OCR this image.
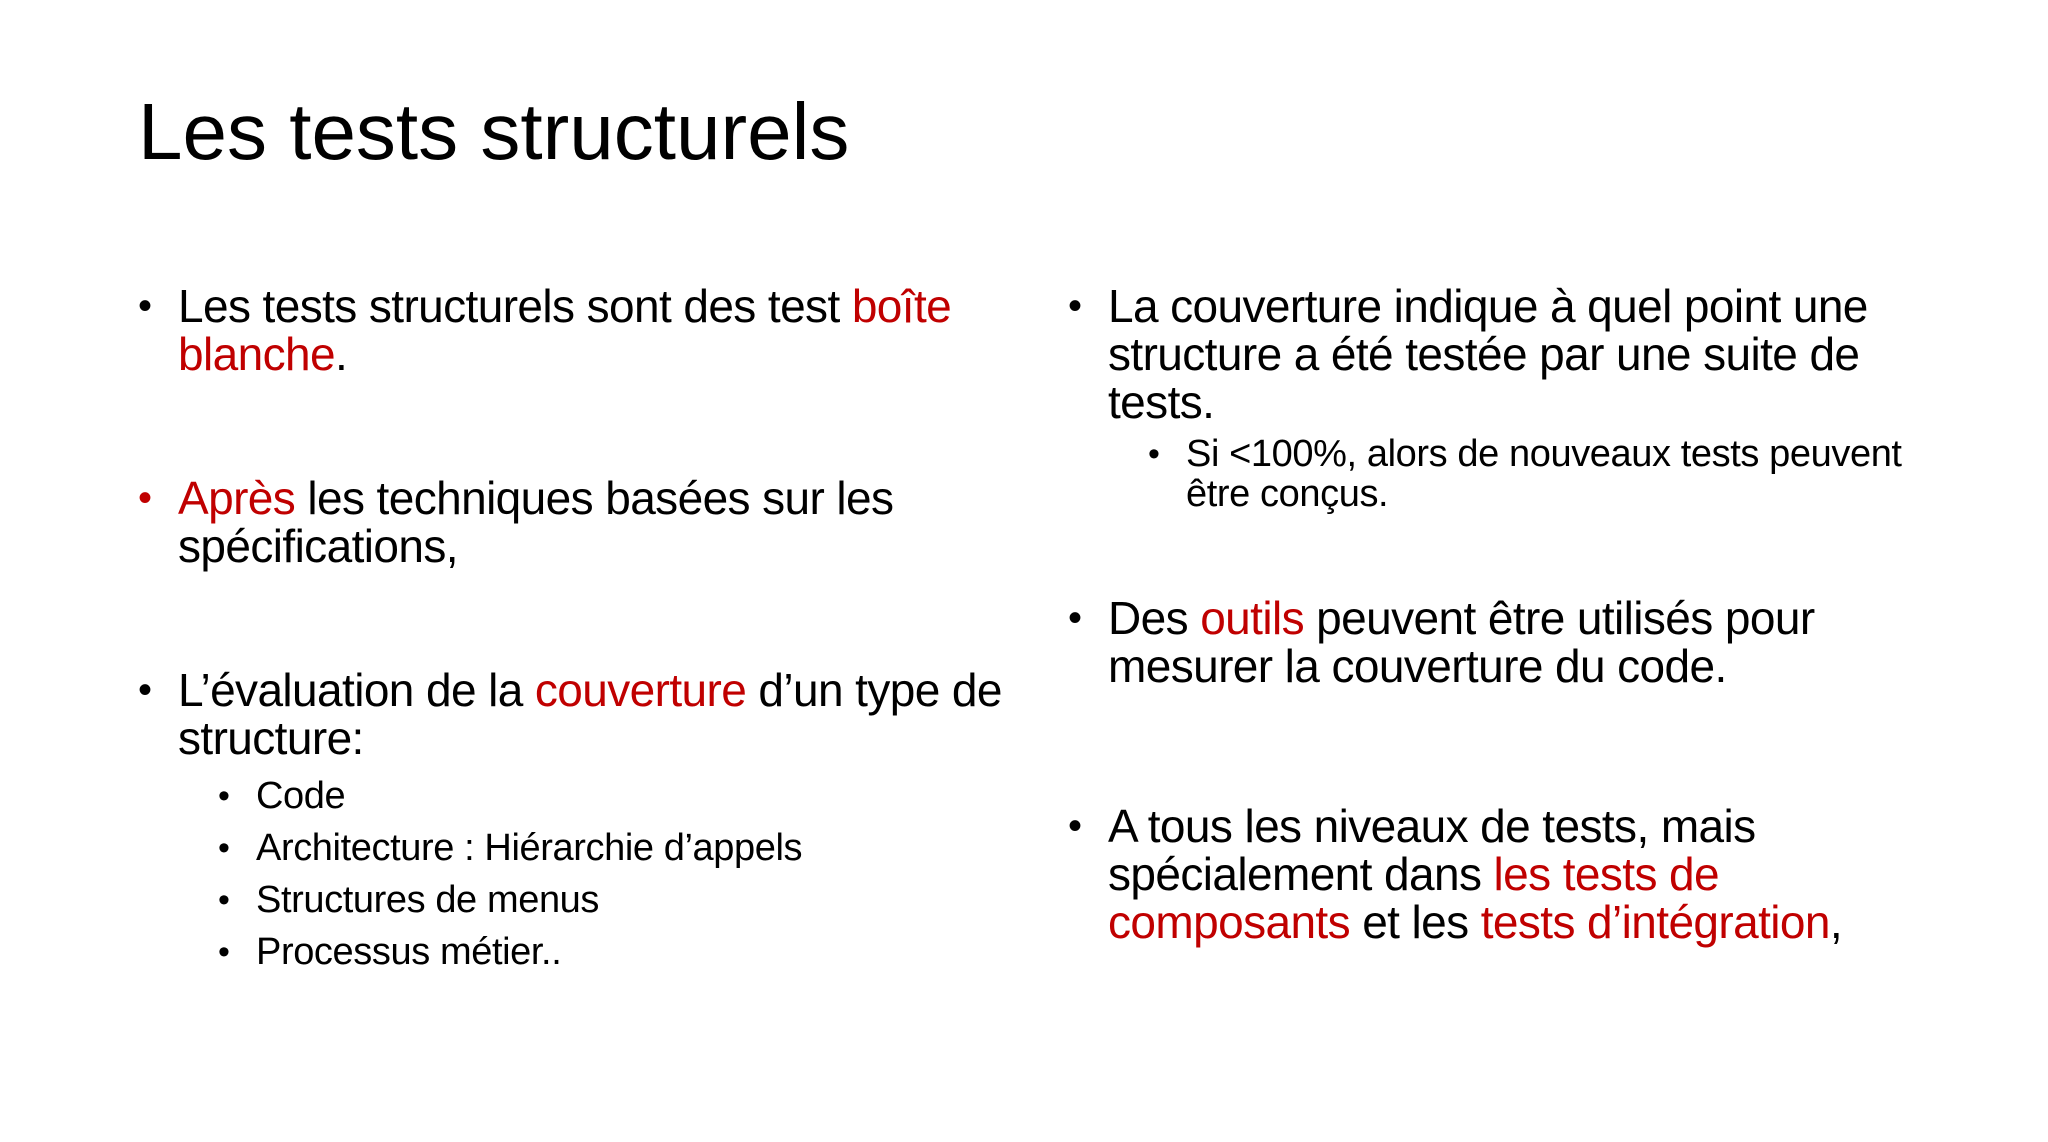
Les tests structurels
• Les tests structurels sont des test boîte blanche.
• Après les techniques basées sur les spécifications,
• L’évaluation de la couverture d’un type de structure:
• Code
• Architecture : Hiérarchie d’appels
• Structures de menus
• Processus métier..
• La couverture indique à quel point une structure a été testée par une suite de tests.
• Si <100%, alors de nouveaux tests peuvent être conçus.
• Des outils peuvent être utilisés pour mesurer la couverture du code.
• A tous les niveaux de tests, mais spécialement dans les tests de composants et les tests d’intégration,
